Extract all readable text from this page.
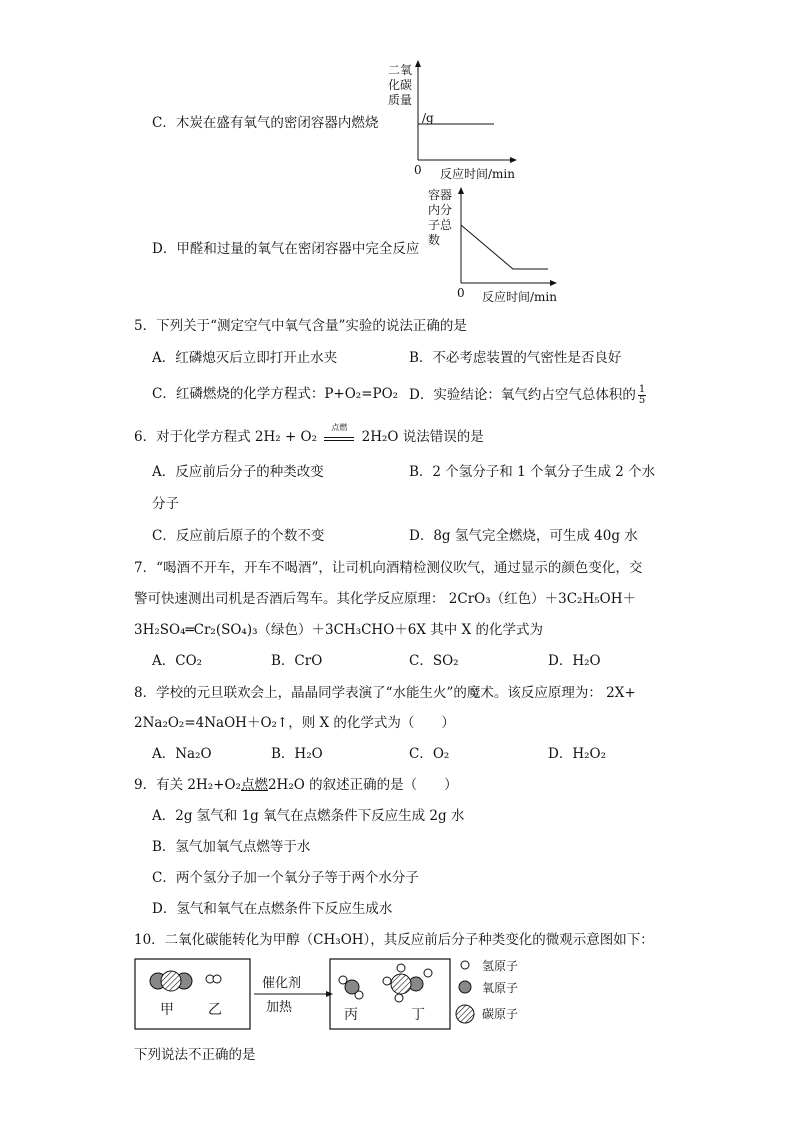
C．木炭在盛有氧气的密闭容器内燃烧
二氧
化碳
质量
/g
0 反应时间/min
D．甲醛和过量的氧气在密闭容器中完全反应
容器
内分
子总
数
0 反应时间/min
5．下列关于“测定空气中氧气含量”实验的说法正确的是
A．红磷熄灭后立即打开止水夹	B．不必考虑装置的气密性是否良好
C．红磷燃烧的化学方程式：P+O₂=PO₂ D．实验结论：氧气约占空气总体积的 $\frac{1}{5}$
6．对于化学方程式 2H₂ + O₂
点燃
2H₂O 说法错误的是
A．反应前后分子的种类改变	B．2 个氢分子和 1 个氧分子生成 2 个水
分子
C．反应前后原子的个数不变	D．8g 氢气完全燃烧，可生成 40g 水
7．“喝酒不开车，开车不喝酒”，让司机向酒精检测仪吹气，通过显示的颜色变化，交
警可快速测出司机是否酒后驾车。其化学反应原理： 2CrO₃（红色）＋3C₂H₅OH＋
3H₂SO₄═Cr₂(SO₄)₃（绿色）＋3CH₃CHO＋6X 其中 X 的化学式为
A．CO₂	B．CrO	C．SO₂	D．H₂O
8．学校的元旦联欢会上，晶晶同学表演了“水能生火”的魔术。该反应原理为： 2X+
2Na₂O₂=4NaOH＋O₂↑，则 X 的化学式为（　　）
A．Na₂O	B．H₂O	C．O₂	D．H₂O₂
9．有关 2H₂+O₂点燃2H₂O 的叙述正确的是（　　）
A．2g 氢气和 1g 氧气在点燃条件下反应生成 2g 水
B．氢气加氧气点燃等于水
C．两个氢分子加一个氧分子等于两个水分子
D．氢气和氧气在点燃条件下反应生成水
10．二氧化碳能转化为甲醇（CH₃OH），其反应前后分子种类变化的微观示意图如下：
甲 乙
催化剂
加热	丙	丁
氢原子
氧原子
碳原子
下列说法不正确的是
